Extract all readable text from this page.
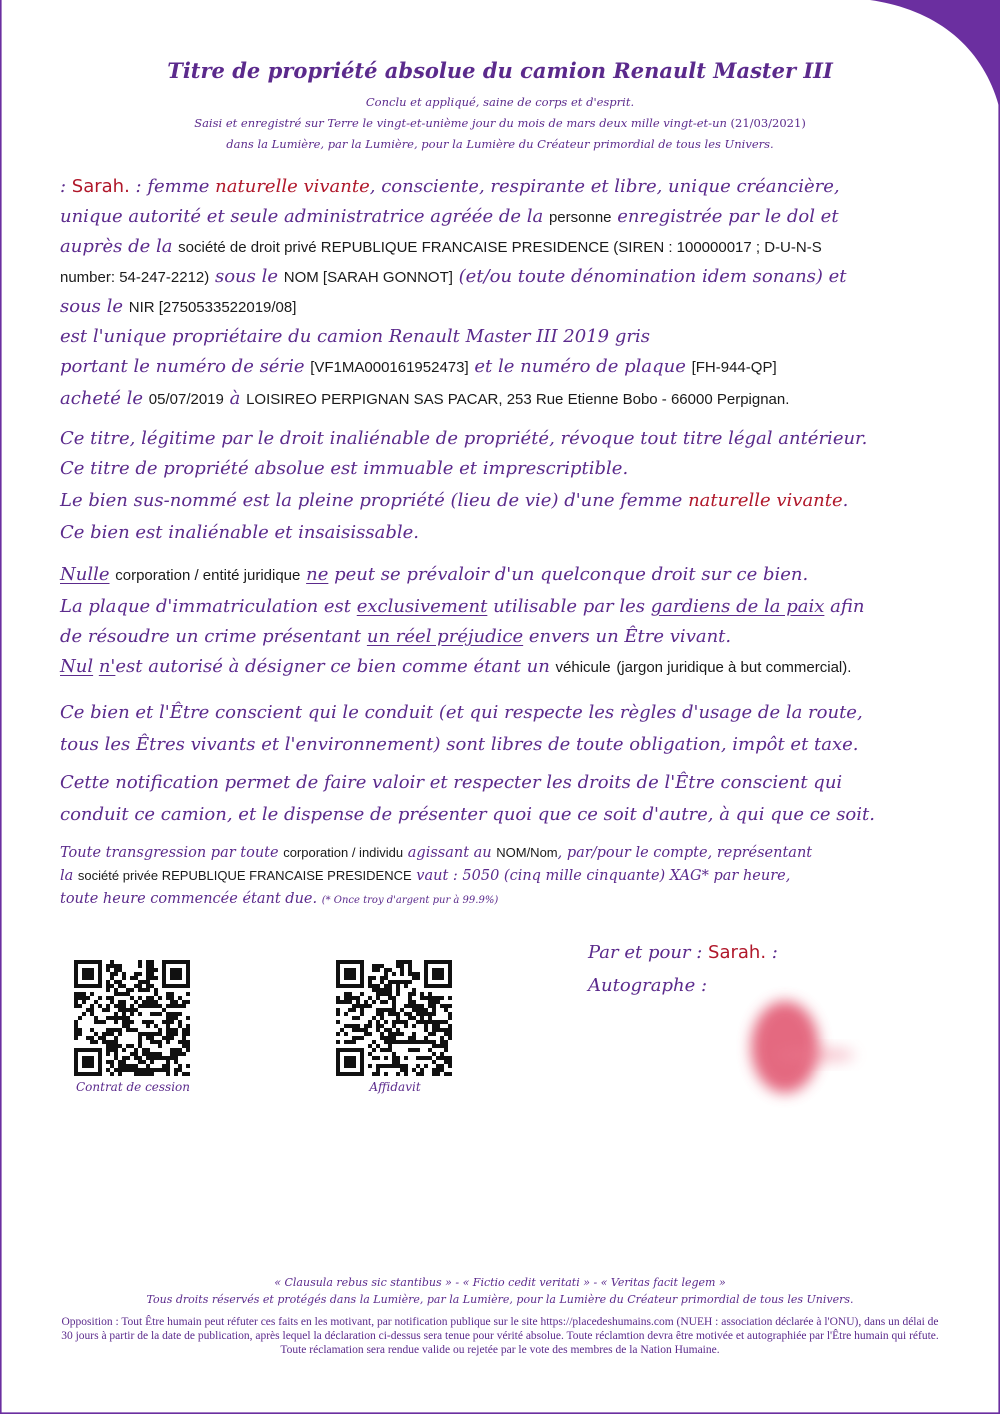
Titre de propriété absolue du camion Renault Master III
Conclu et appliqué, saine de corps et d'esprit.
Saisi et enregistré sur Terre le vingt-et-unième jour du mois de mars deux mille vingt-et-un (21/03/2021)
dans la Lumière, par la Lumière, pour la Lumière du Créateur primordial de tous les Univers.
: Sarah. : femme naturelle vivante, consciente, respirante et libre, unique créancière,
unique autorité et seule administratrice agréée de la personne enregistrée par le dol et
auprès de la société de droit privé REPUBLIQUE FRANCAISE PRESIDENCE (SIREN : 100000017 ; D-U-N-S
number: 54-247-2212) sous le NOM [SARAH GONNOT] (et/ou toute dénomination idem sonans) et
sous le NIR [2750533522019/08]
est l'unique propriétaire du camion Renault Master III 2019 gris
portant le numéro de série [VF1MA000161952473] et le numéro de plaque [FH-944-QP]
acheté le 05/07/2019 à LOISIREO PERPIGNAN SAS PACAR, 253 Rue Etienne Bobo - 66000 Perpignan.
Ce titre, légitime par le droit inaliénable de propriété, révoque tout titre légal antérieur.
Ce titre de propriété absolue est immuable et imprescriptible.
Le bien sus-nommé est la pleine propriété (lieu de vie) d'une femme naturelle vivante.
Ce bien est inaliénable et insaisissable.
Nulle corporation / entité juridique ne peut se prévaloir d'un quelconque droit sur ce bien.
La plaque d'immatriculation est exclusivement utilisable par les gardiens de la paix afin
de résoudre un crime présentant un réel préjudice envers un Être vivant.
Nul n'est autorisé à désigner ce bien comme étant un véhicule (jargon juridique à but commercial).
Ce bien et l'Être conscient qui le conduit (et qui respecte les règles d'usage de la route,
tous les Êtres vivants et l'environnement) sont libres de toute obligation, impôt et taxe.
Cette notification permet de faire valoir et respecter les droits de l'Être conscient qui
conduit ce camion, et le dispense de présenter quoi que ce soit d'autre, à qui que ce soit.
Toute transgression par toute corporation / individu agissant au NOM/Nom, par/pour le compte, représentant
la société privée REPUBLIQUE FRANCAISE PRESIDENCE vaut : 5050 (cinq mille cinquante) XAG* par heure,
toute heure commencée étant due. (* Once troy d'argent pur à 99.9%)
Contrat de cession	Affidavit
Par et pour : Sarah. :
Autographe :
« Clausula rebus sic stantibus » - « Fictio cedit veritati » - « Veritas facit legem »
Tous droits réservés et protégés dans la Lumière, par la Lumière, pour la Lumière du Créateur primordial de tous les Univers.
Opposition : Tout Être humain peut réfuter ces faits en les motivant, par notification publique sur le site https://placedeshumains.com (NUEH : association déclarée à l'ONU), dans un délai de 30 jours à partir de la date de publication, après lequel la déclaration ci-dessus sera tenue pour vérité absolue. Toute réclamtion devra être motivée et autographiée par l'Être humain qui réfute. Toute réclamation sera rendue valide ou rejetée par le vote des membres de la Nation Humaine.
